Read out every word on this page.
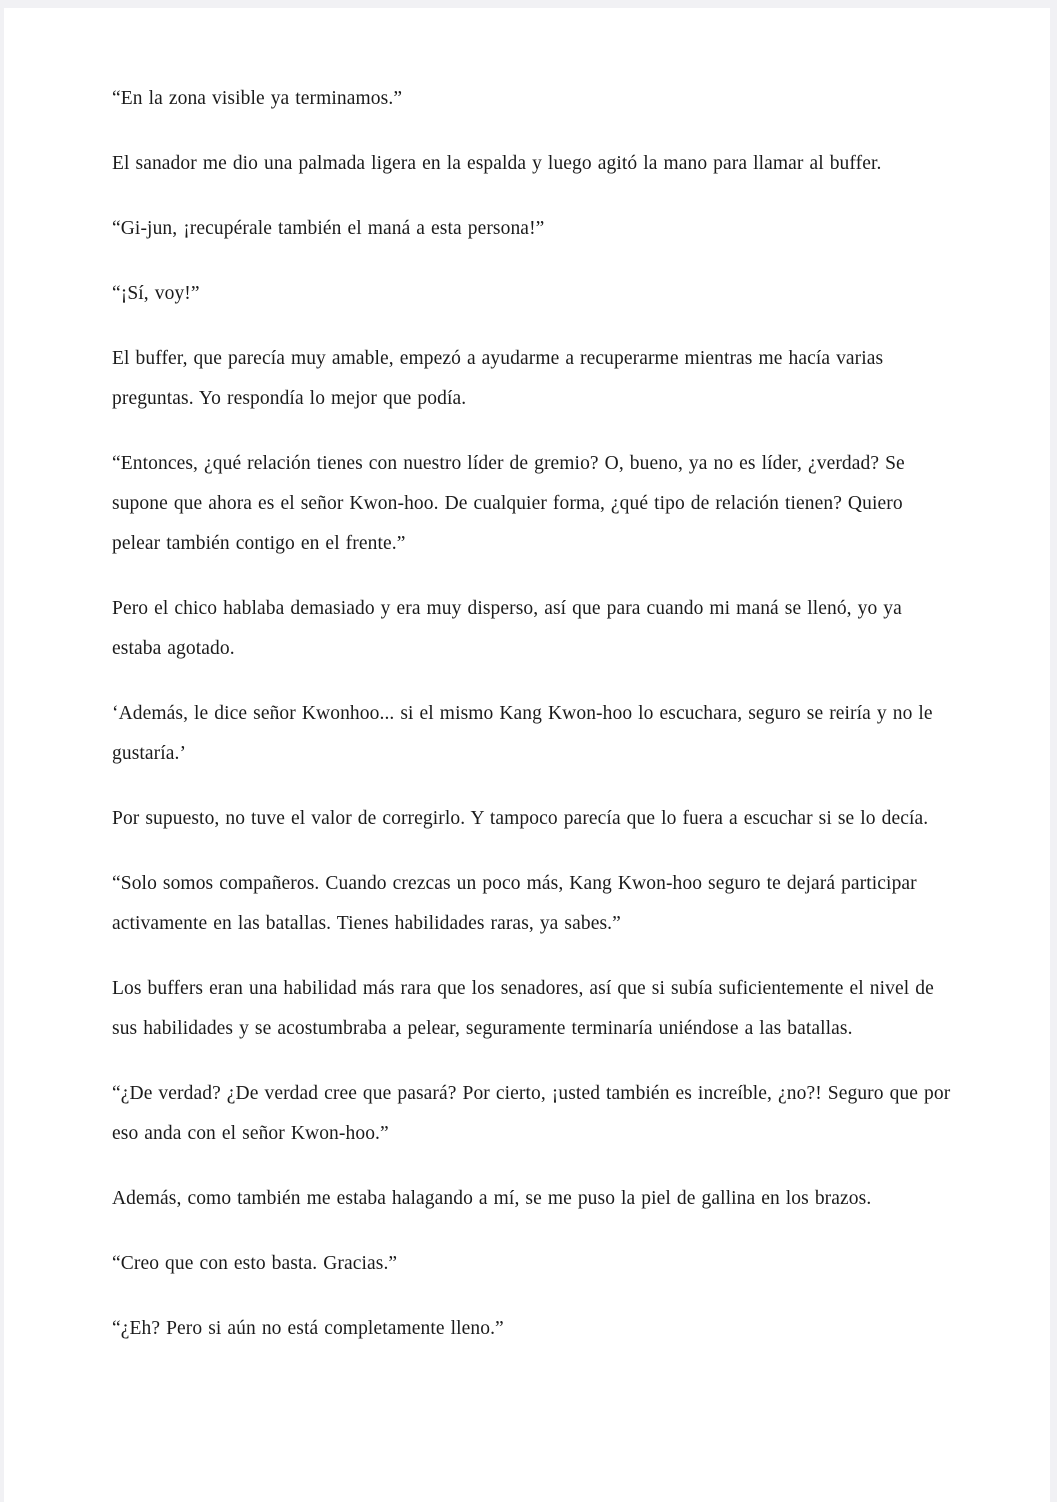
“En la zona visible ya terminamos.”

El sanador me dio una palmada ligera en la espalda y luego agitó la mano para llamar al buffer.

“Gi-jun, ¡recupérale también el maná a esta persona!”

“¡Sí, voy!”

El buffer, que parecía muy amable, empezó a ayudarme a recuperarme mientras me hacía varias preguntas. Yo respondía lo mejor que podía.

“Entonces, ¿qué relación tienes con nuestro líder de gremio? O, bueno, ya no es líder, ¿verdad? Se supone que ahora es el señor Kwon-hoo. De cualquier forma, ¿qué tipo de relación tienen? Quiero pelear también contigo en el frente.”

Pero el chico hablaba demasiado y era muy disperso, así que para cuando mi maná se llenó, yo ya estaba agotado.

‘Además, le dice señor Kwonhoo... si el mismo Kang Kwon-hoo lo escuchara, seguro se reiría y no le gustaría.’

Por supuesto, no tuve el valor de corregirlo. Y tampoco parecía que lo fuera a escuchar si se lo decía.

“Solo somos compañeros. Cuando crezcas un poco más, Kang Kwon-hoo seguro te dejará participar activamente en las batallas. Tienes habilidades raras, ya sabes.”

Los buffers eran una habilidad más rara que los senadores, así que si subía suficientemente el nivel de sus habilidades y se acostumbraba a pelear, seguramente terminaría uniéndose a las batallas.

“¿De verdad? ¿De verdad cree que pasará? Por cierto, ¡usted también es increíble, ¿no?! Seguro que por eso anda con el señor Kwon-hoo.”

Además, como también me estaba halagando a mí, se me puso la piel de gallina en los brazos.

“Creo que con esto basta. Gracias.”

“¿Eh? Pero si aún no está completamente lleno.”
